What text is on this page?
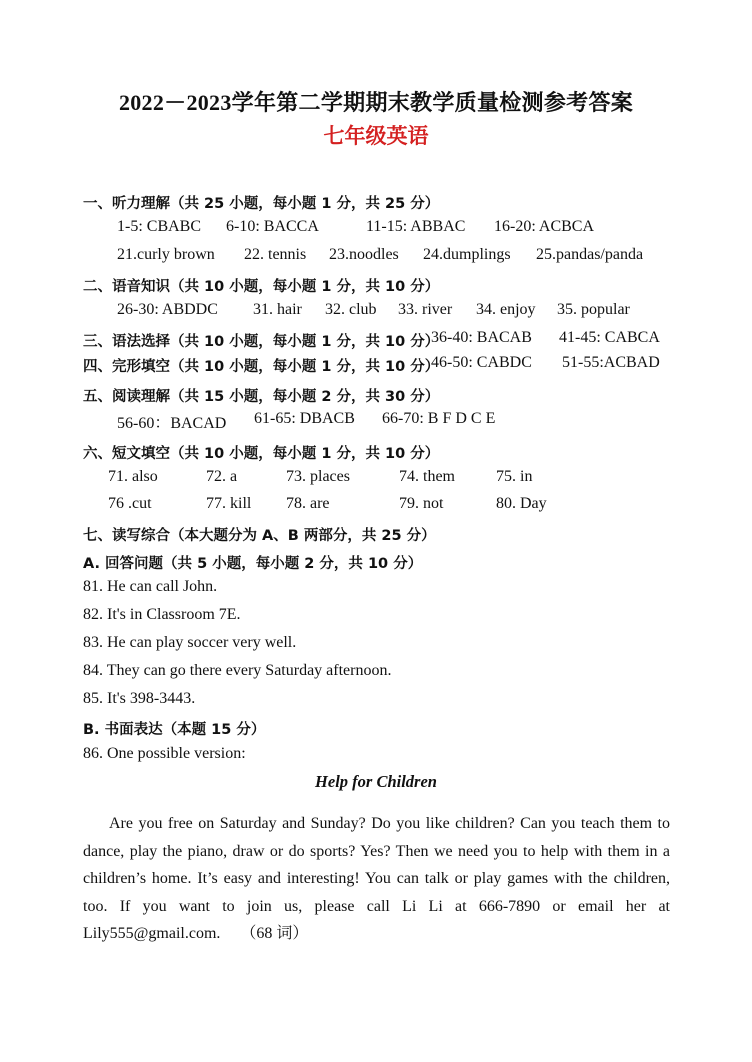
2022－2023学年第二学期期末教学质量检测参考答案
七年级英语
一、听力理解（共 25 小题，每小题 1 分，共 25 分）
1-5: CBABC 6-10: BACCA	11-15: ABBAC 16-20: ACBCA
21.curly brown 22. tennis 23.noodles 24.dumplings 25.pandas/panda
二、语音知识（共 10 小题，每小题 1 分，共 10 分）
26-30: ABDDC 31. hair 32. club 33. river 34. enjoy 35. popular
三、语法选择（共 10 小题，每小题 1 分，共 10 分）
36-40: BACAB 41-45: CABCA
四、完形填空（共 10 小题，每小题 1 分，共 10 分）
46-50: CABDC 51-55:ACBAD
五、阅读理解（共 15 小题，每小题 2 分，共 30 分）
56-60：BACAD 61-65: DBACB 66-70: B F D C E
六、短文填空（共 10 小题，每小题 1 分，共 10 分）
71. also	72. a	73. places	74. them	75. in
76 .cut	77. kill 78. are	79. not	80. Day
七、读写综合（本大题分为 A、B 两部分，共 25 分）
A. 回答问题（共 5 小题，每小题 2 分，共 10 分）
81. He can call John.
82. It's in Classroom 7E.
83. He can play soccer very well.
84. They can go there every Saturday afternoon.
85. It's 398-3443.
B. 书面表达（本题 15 分）
86. One possible version:
Help for Children
Are you free on Saturday and Sunday? Do you like children? Can you teach them to dance, play the piano, draw or do sports? Yes? Then we need you to help with them in a children’s home. It’s easy and interesting! You can talk or play games with the children, too. If you want to join us, please call Li Li at 666-7890 or email her at Lily555@gmail.com. （68 词）
